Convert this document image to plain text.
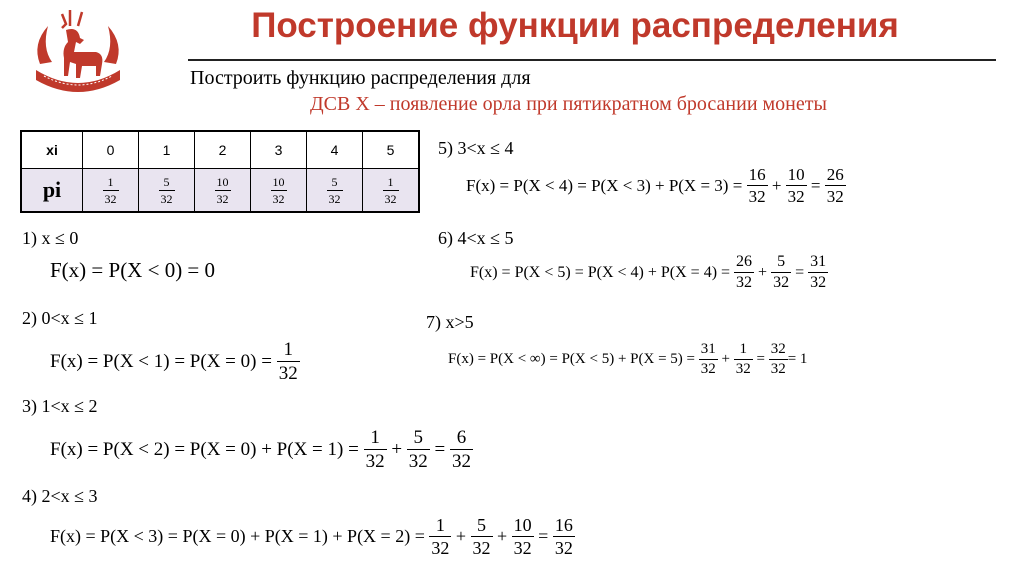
Построение функции распределения
Построить функцию распределения для
ДСВ Х – появление орла при пятикратном бросании монеты
xi	0	1	2	3	4	5
pi	$\frac{1}{32}$	$\frac{5}{32}$	$\frac{10}{32}$	$\frac{10}{32}$	$\frac{5}{32}$	$\frac{1}{32}$
1) x ≤ 0
2) 0<x ≤ 1
3) 1<x ≤ 2
4) 2<x ≤ 3
5) 3<x ≤ 4
6) 4<x ≤ 5
7) x>5
F(x) = P(X < 0) = 0
$F(x) = P(X < 1) = P(X = 0) = \frac{1}{32}$
$F(x) = P(X < 2) = P(X = 0) + P(X = 1) = \frac{1}{32} + \frac{5}{32} = \frac{6}{32}$
$F(x) = P(X < 3) = P(X = 0) + P(X = 1) + P(X = 2) = \frac{1}{32} + \frac{5}{32} + \frac{10}{32} = \frac{16}{32}$
$F(x) = P(X < 4) = P(X < 3) + P(X = 3) = \frac{16}{32} + \frac{10}{32} = \frac{26}{32}$
$F(x) = P(X < 5) = P(X < 4) + P(X = 4) = \frac{26}{32} + \frac{5}{32} = \frac{31}{32}$
F(x) = P(X < ∞) = $P(X < 5) + P(X = 5) = \frac{31}{32} + \frac{1}{32} = \frac{32}{32} = 1$
